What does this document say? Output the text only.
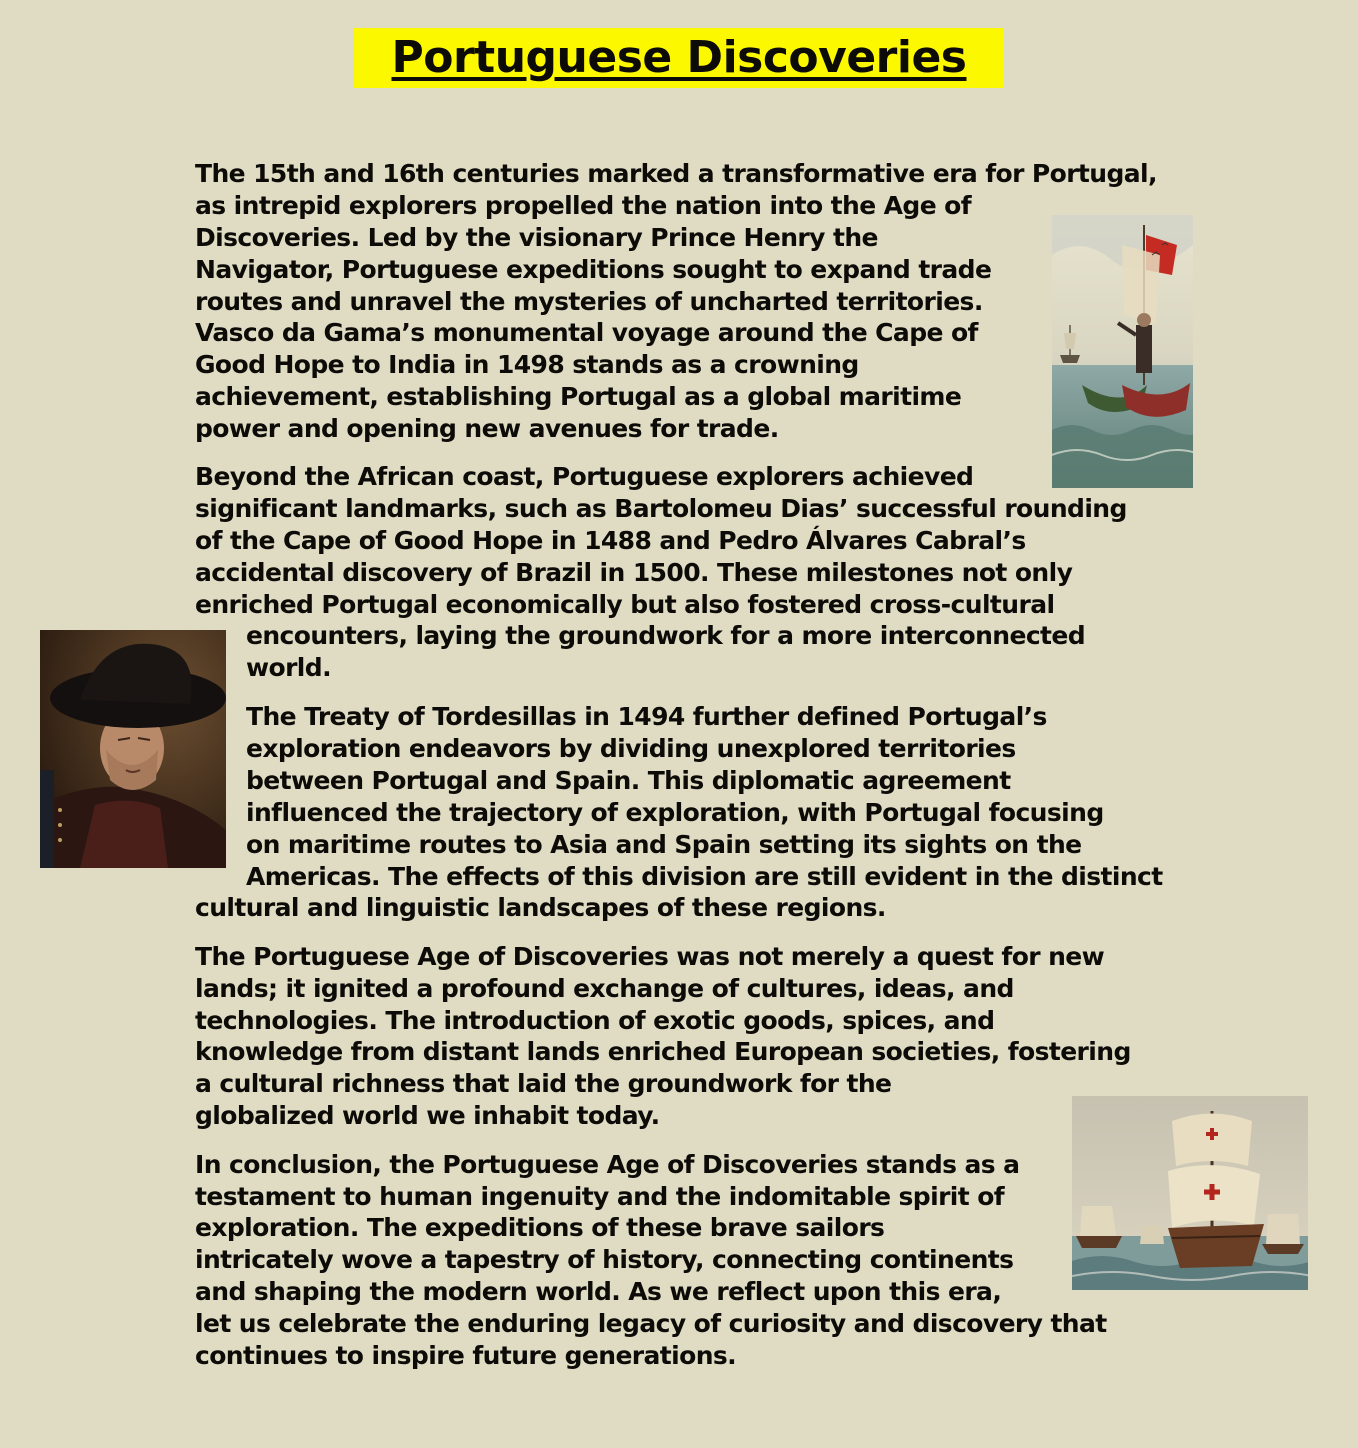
Portuguese Discoveries
The 15th and 16th centuries marked a transformative era for Portugal,
as intrepid explorers propelled the nation into the Age of
Discoveries. Led by the visionary Prince Henry the
Navigator, Portuguese expeditions sought to expand trade
routes and unravel the mysteries of uncharted territories.
Vasco da Gama’s monumental voyage around the Cape of
Good Hope to India in 1498 stands as a crowning
achievement, establishing Portugal as a global maritime
power and opening new avenues for trade.
Beyond the African coast, Portuguese explorers achieved
significant landmarks, such as Bartolomeu Dias’ successful rounding
of the Cape of Good Hope in 1488 and Pedro Álvares Cabral’s
accidental discovery of Brazil in 1500. These milestones not only
enriched Portugal economically but also fostered cross-cultural
encounters, laying the groundwork for a more interconnected
world.
The Treaty of Tordesillas in 1494 further defined Portugal’s
exploration endeavors by dividing unexplored territories
between Portugal and Spain. This diplomatic agreement
influenced the trajectory of exploration, with Portugal focusing
on maritime routes to Asia and Spain setting its sights on the
Americas. The effects of this division are still evident in the distinct
cultural and linguistic landscapes of these regions.
The Portuguese Age of Discoveries was not merely a quest for new
lands; it ignited a profound exchange of cultures, ideas, and
technologies. The introduction of exotic goods, spices, and
knowledge from distant lands enriched European societies, fostering
a cultural richness that laid the groundwork for the
globalized world we inhabit today.
In conclusion, the Portuguese Age of Discoveries stands as a
testament to human ingenuity and the indomitable spirit of
exploration. The expeditions of these brave sailors
intricately wove a tapestry of history, connecting continents
and shaping the modern world. As we reflect upon this era,
let us celebrate the enduring legacy of curiosity and discovery that
continues to inspire future generations.
